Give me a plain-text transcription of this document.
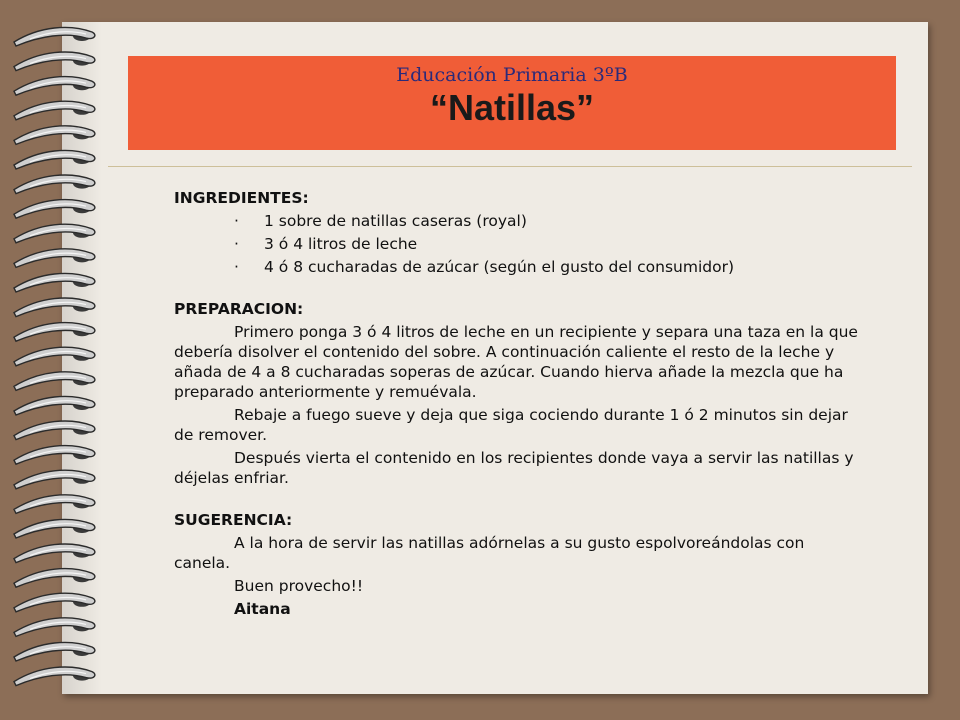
Educación Primaria 3ºB
“Natillas”

INGREDIENTES:

· 1 sobre de natillas caseras (royal)
· 3 ó 4 litros de leche
· 4 ó 8 cucharadas de azúcar (según el gusto del consumidor)

PREPARACION:

Primero ponga 3 ó 4 litros de leche en un recipiente y separa una taza en la que debería disolver el contenido del sobre. A continuación caliente el resto de la leche y añada de 4 a 8 cucharadas soperas de azúcar. Cuando hierva añade la mezcla que ha preparado anteriormente y remuévala.

Rebaje a fuego sueve y deja que siga cociendo durante 1 ó 2 minutos sin dejar de remover.

Después vierta el contenido en los recipientes donde vaya a servir las natillas y déjelas enfriar.

SUGERENCIA:

A la hora de servir las natillas adórnelas a su gusto espolvoreándolas con canela.

Buen provecho!!

Aitana
